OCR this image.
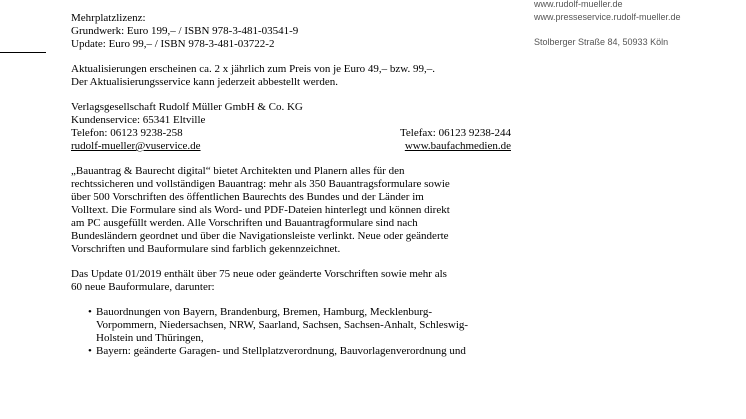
www.rudolf-mueller.de
www.presseservice.rudolf-mueller.de
Stolberger Straße 84, 50933 Köln
Mehrplatzlizenz:
Grundwerk: Euro 199,– / ISBN 978-3-481-03541-9
Update: Euro 99,– / ISBN 978-3-481-03722-2
Aktualisierungen erscheinen ca. 2 x jährlich zum Preis von je Euro 49,– bzw. 99,–.
Der Aktualisierungsservice kann jederzeit abbestellt werden.
Verlagsgesellschaft Rudolf Müller GmbH & Co. KG
Kundenservice: 65341 Eltville
Telefon: 06123 9238-258	Telefax: 06123 9238-244
rudolf-mueller@vuservice.de	www.baufachmedien.de
„Bauantrag & Baurecht digital“ bietet Architekten und Planern alles für den
rechtssicheren und vollständigen Bauantrag: mehr als 350 Bauantragsformulare sowie
über 500 Vorschriften des öffentlichen Baurechts des Bundes und der Länder im
Volltext. Die Formulare sind als Word- und PDF-Dateien hinterlegt und können direkt
am PC ausgefüllt werden. Alle Vorschriften und Bauantragformulare sind nach
Bundesländern geordnet und über die Navigationsleiste verlinkt. Neue oder geänderte
Vorschriften und Bauformulare sind farblich gekennzeichnet.
Das Update 01/2019 enthält über 75 neue oder geänderte Vorschriften sowie mehr als
60 neue Bauformulare, darunter:
• Bauordnungen von Bayern, Brandenburg, Bremen, Hamburg, Mecklenburg-
Vorpommern, Niedersachsen, NRW, Saarland, Sachsen, Sachsen-Anhalt, Schleswig-
Holstein und Thüringen,
• Bayern: geänderte Garagen- und Stellplatzverordnung, Bauvorlagenverordnung und
